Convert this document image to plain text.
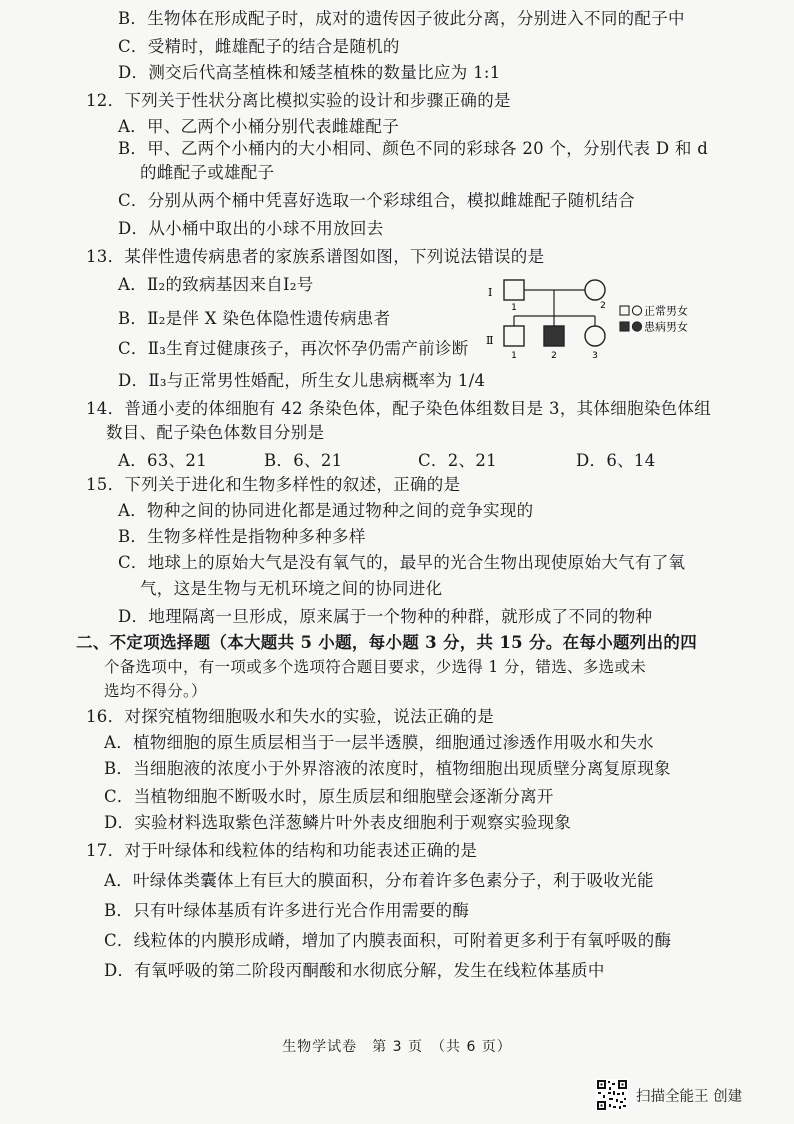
B．生物体在形成配子时，成对的遗传因子彼此分离，分别进入不同的配子中
C．受精时，雌雄配子的结合是随机的
D．测交后代高茎植株和矮茎植株的数量比应为 1:1
12．下列关于性状分离比模拟实验的设计和步骤正确的是
A．甲、乙两个小桶分别代表雌雄配子
B．甲、乙两个小桶内的大小相同、颜色不同的彩球各 20 个，分别代表 D 和 d
的雌配子或雄配子
C．分别从两个桶中凭喜好选取一个彩球组合，模拟雌雄配子随机结合
D．从小桶中取出的小球不用放回去
13．某伴性遗传病患者的家族系谱图如图，下列说法错误的是
A．Ⅱ₂的致病基因来自Ⅰ₂号
B．Ⅱ₂是伴 X 染色体隐性遗传病患者
C．Ⅱ₃生育过健康孩子，再次怀孕仍需产前诊断
D．Ⅱ₃与正常男性婚配，所生女儿患病概率为 1/4
Ⅰ
1	2
Ⅱ
1	2	3
正常男女
患病男女
14．普通小麦的体细胞有 42 条染色体，配子染色体组数目是 3，其体细胞染色体组
数目、配子染色体数目分别是
A．63、21	B．6、21	C．2、21	D．6、14
15．下列关于进化和生物多样性的叙述，正确的是
A．物种之间的协同进化都是通过物种之间的竞争实现的
B．生物多样性是指物种多种多样
C．地球上的原始大气是没有氧气的，最早的光合生物出现使原始大气有了氧
气，这是生物与无机环境之间的协同进化
D．地理隔离一旦形成，原来属于一个物种的种群，就形成了不同的物种
二、不定项选择题（本大题共 5 小题，每小题 3 分，共 15 分。在每小题列出的四
个备选项中，有一项或多个选项符合题目要求，少选得 1 分，错选、多选或未
选均不得分。）
16．对探究植物细胞吸水和失水的实验，说法正确的是
A．植物细胞的原生质层相当于一层半透膜，细胞通过渗透作用吸水和失水
B．当细胞液的浓度小于外界溶液的浓度时，植物细胞出现质壁分离复原现象
C．当植物细胞不断吸水时，原生质层和细胞壁会逐渐分离开
D．实验材料选取紫色洋葱鳞片叶外表皮细胞利于观察实验现象
17．对于叶绿体和线粒体的结构和功能表述正确的是
A．叶绿体类囊体上有巨大的膜面积，分布着许多色素分子，利于吸收光能
B．只有叶绿体基质有许多进行光合作用需要的酶
C．线粒体的内膜形成嵴，增加了内膜表面积，可附着更多利于有氧呼吸的酶
D．有氧呼吸的第二阶段丙酮酸和水彻底分解，发生在线粒体基质中
生物学试卷　第 3 页　（共 6 页）
扫描全能王 创建
